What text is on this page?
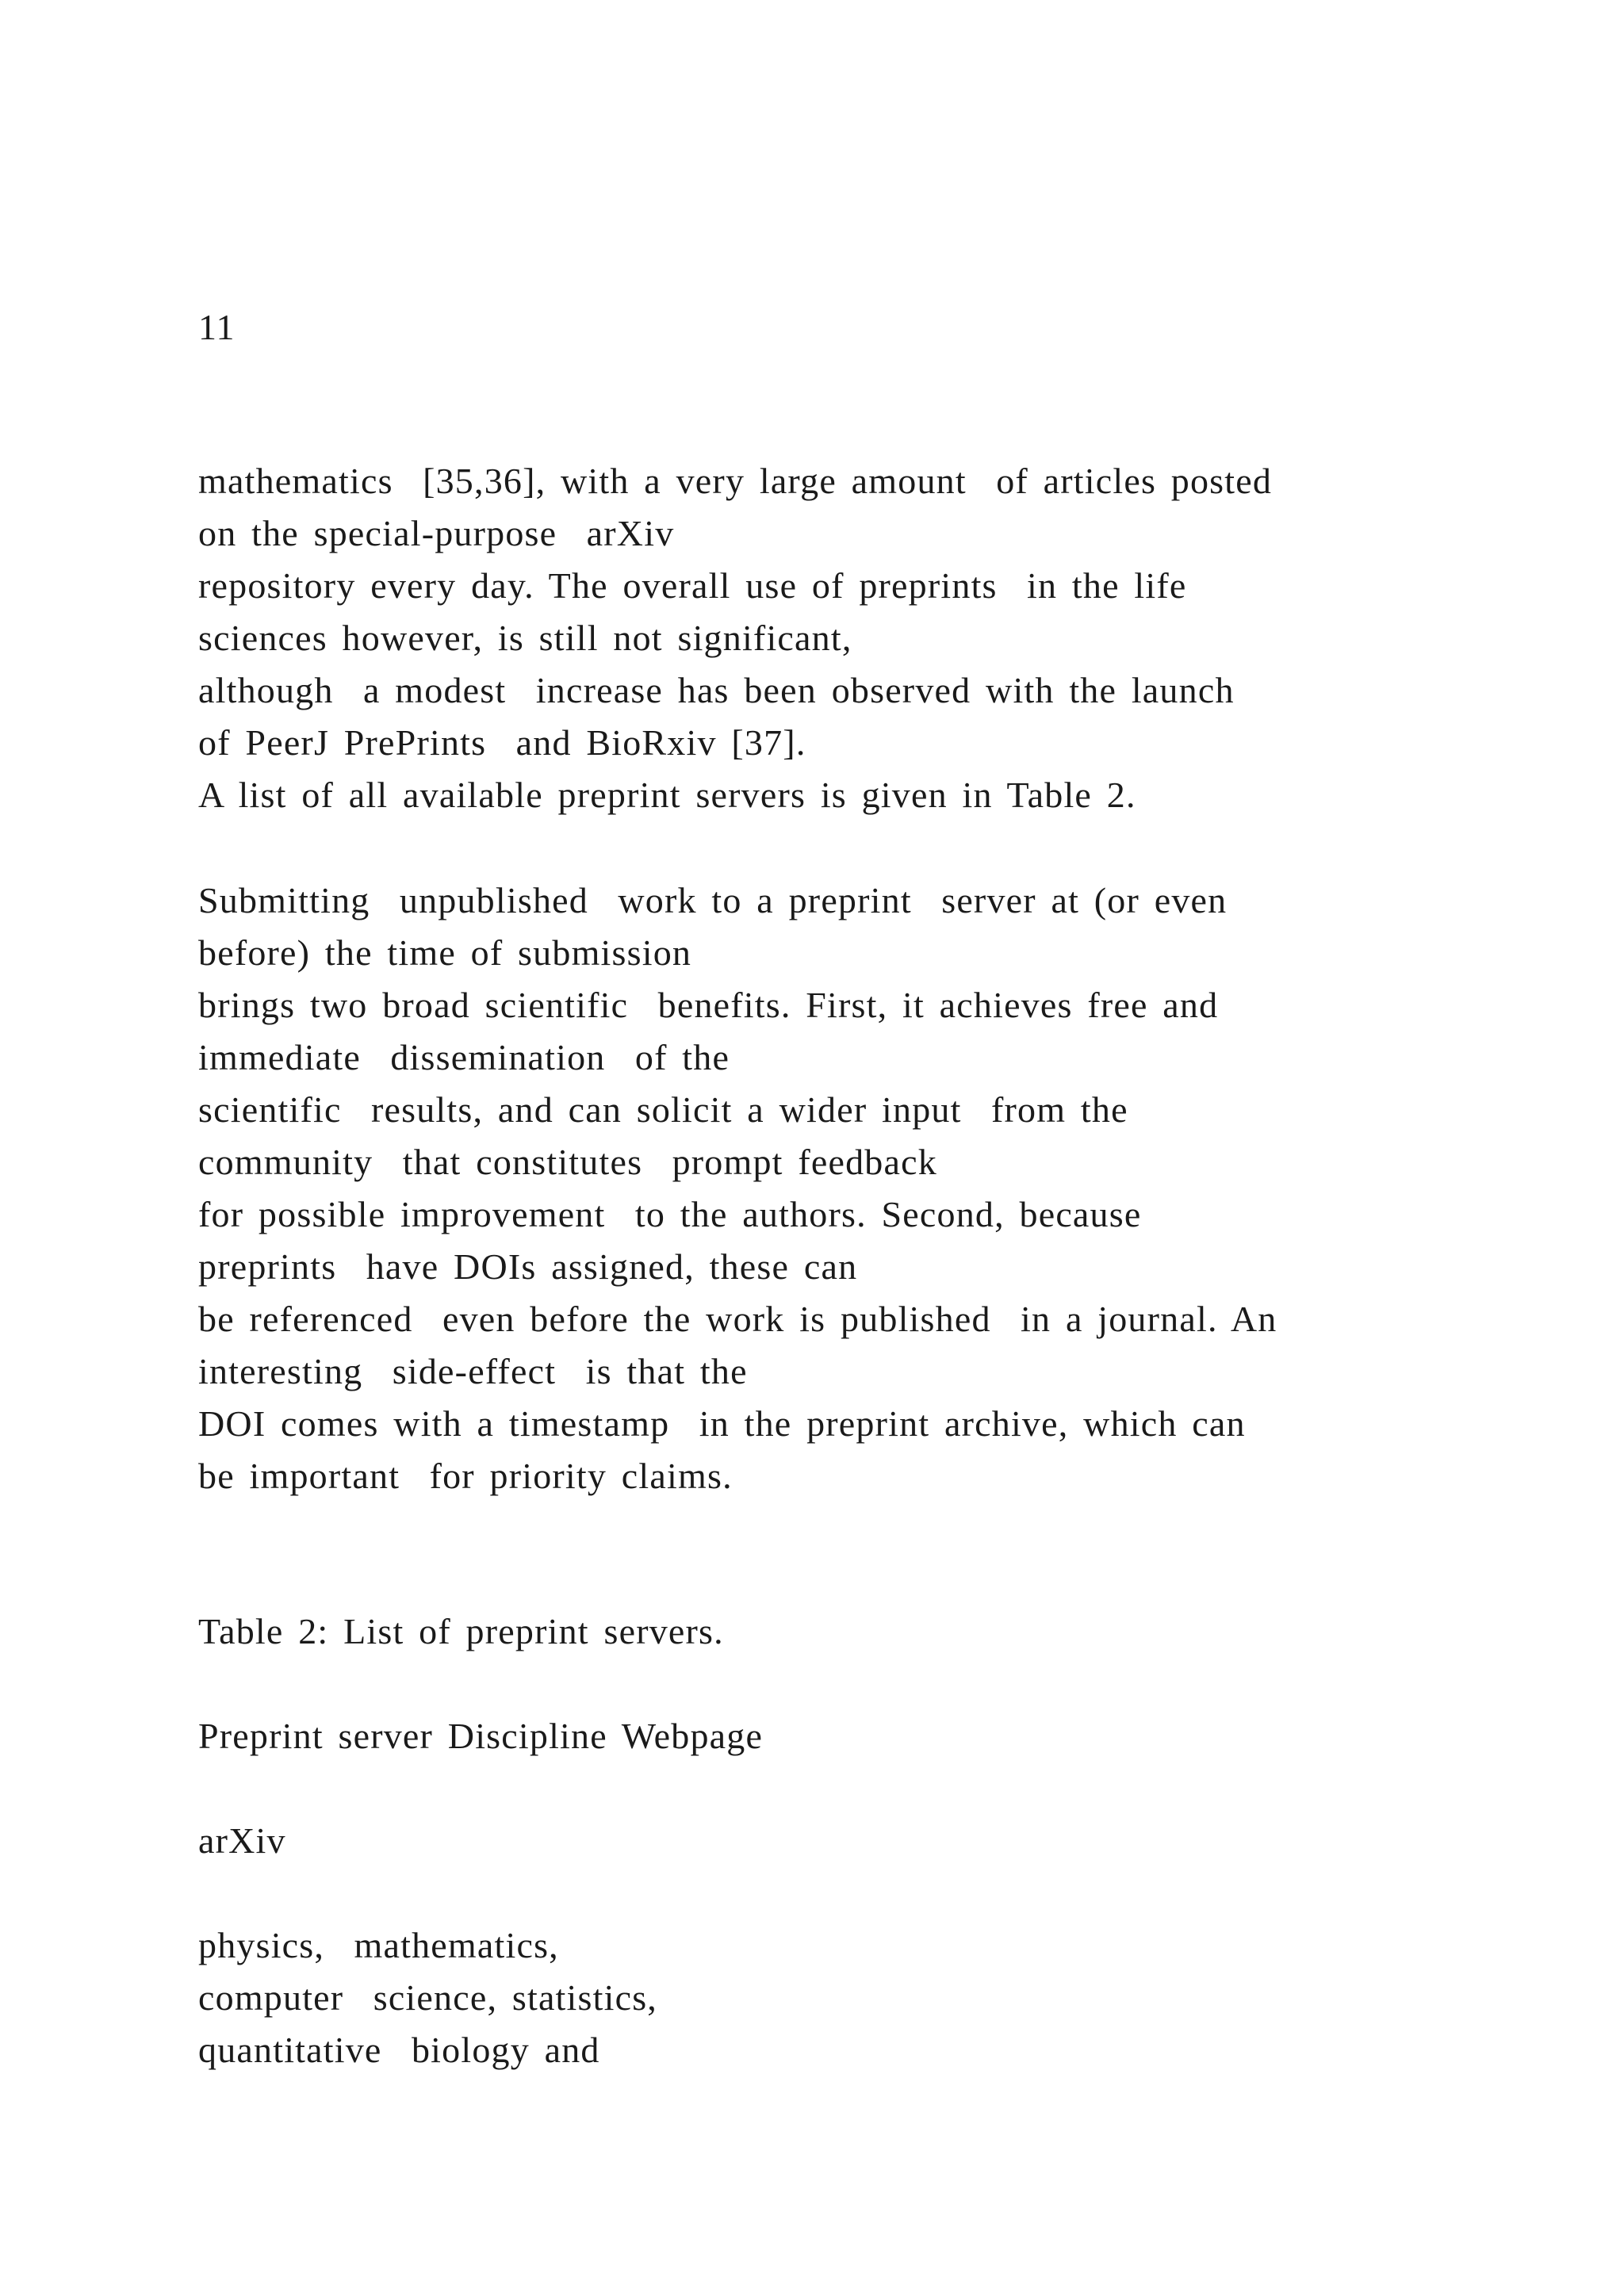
11
mathematics  [35,36], with a very large amount  of articles posted
on the special-purpose  arXiv
repository every day. The overall use of preprints  in the life
sciences however, is still not significant,
although  a modest  increase has been observed with the launch
of PeerJ PrePrints  and BioRxiv [37].
A list of all available preprint servers is given in Table 2.
Submitting  unpublished  work to a preprint  server at (or even
before) the time of submission
brings two broad scientific  benefits. First, it achieves free and
immediate  dissemination  of the
scientific  results, and can solicit a wider input  from the
community  that constitutes  prompt feedback
for possible improvement  to the authors. Second, because
preprints  have DOIs assigned, these can
be referenced  even before the work is published  in a journal. An
interesting  side-effect  is that the
DOI comes with a timestamp  in the preprint archive, which can
be important  for priority claims.
Table 2: List of preprint servers.
Preprint server Discipline Webpage
arXiv
physics,  mathematics,
computer  science, statistics,
quantitative  biology and
